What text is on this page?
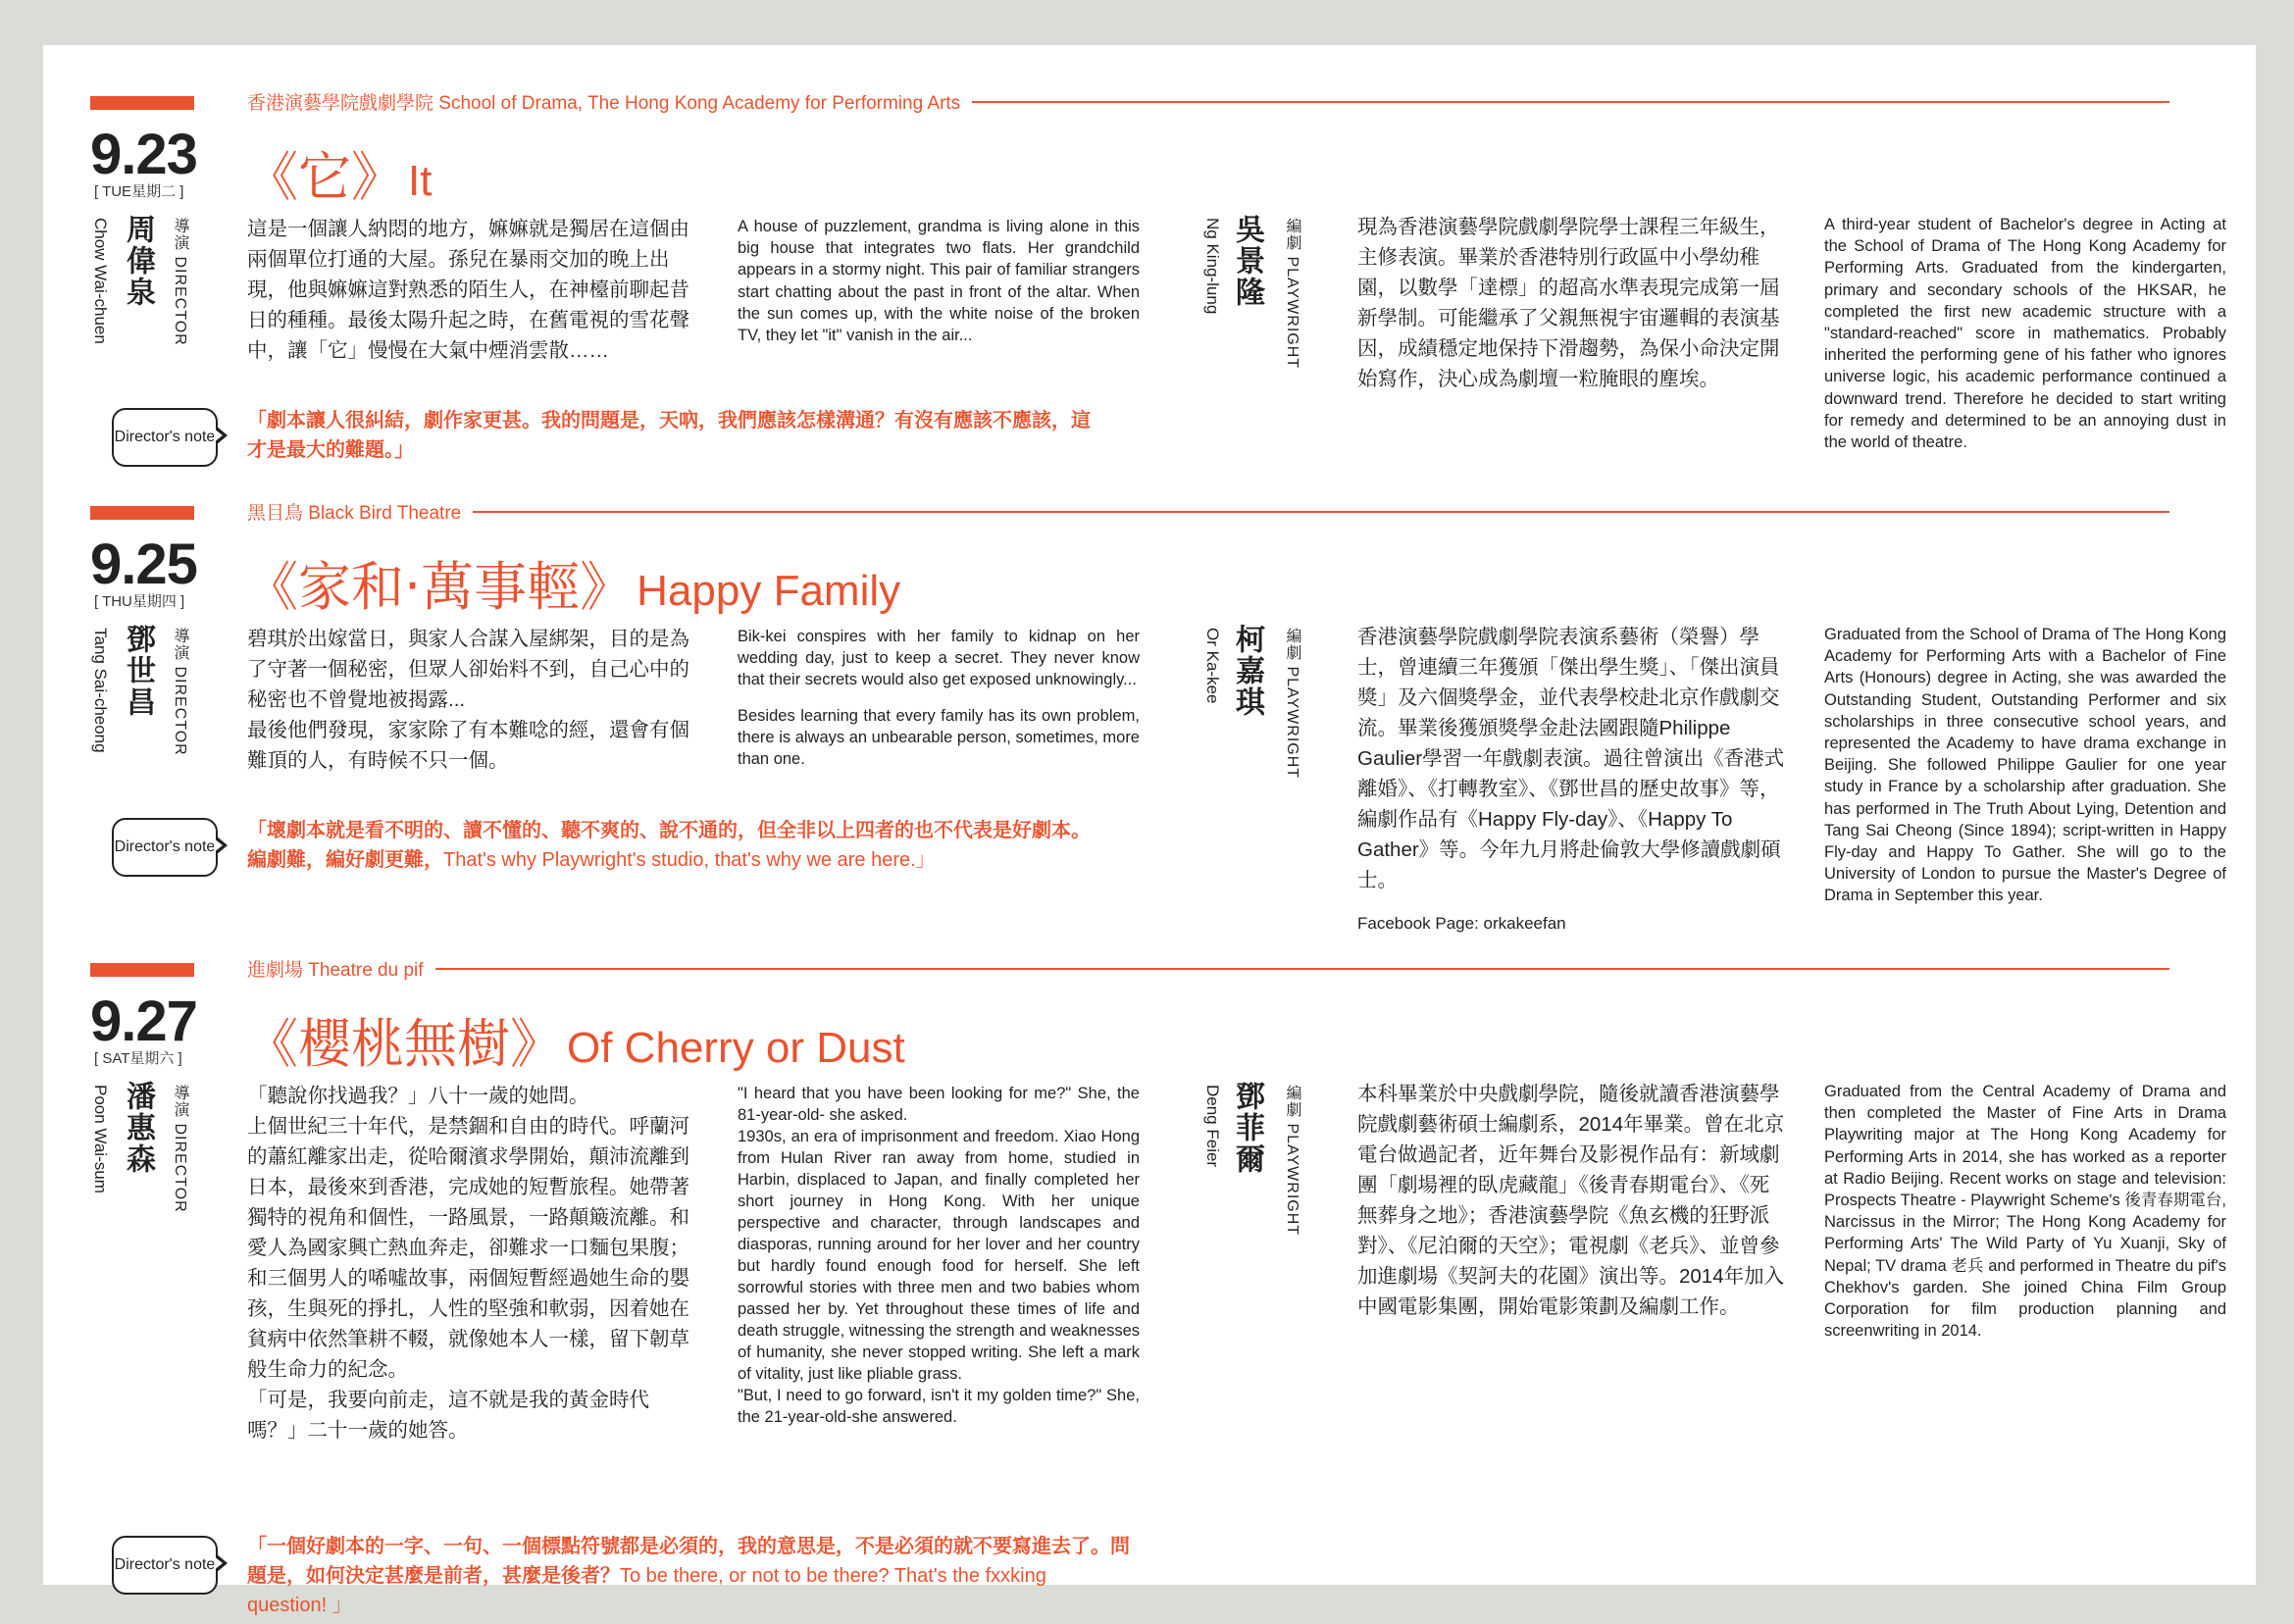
香港演藝學院戲劇學院 School of Drama, The Hong Kong Academy for Performing Arts
9.23
[ TUE星期二 ] 《它》It
Chow Wai-chuen 周偉泉	導演 DIRECTOR	這是一個讓人納悶的地方，嫲嫲就是獨居在這個由兩個單位打通的大屋。孫兒在暴雨交加的晚上出現，他與嫲嫲這對熟悉的陌生人，在神檯前聊起昔日的種種。最後太陽升起之時，在舊電視的雪花聲中，讓「它」慢慢在大氣中煙消雲散……

A house of puzzlement, grandma is living alone in this big house that integrates two flats. Her grandchild appears in a stormy night. This pair of familiar strangers start chatting about the past in front of the altar. When the sun comes up, with the white noise of the broken TV, they let "it" vanish in the air...

Director's note
「劇本讓人很糾結，劇作家更甚。我的問題是，天吶，我們應該怎樣溝通？有沒有應該不應該，這才是最大的難題。」
吳景隆
Ng King-lung	編劇 PLAYWRIGHT	現為香港演藝學院戲劇學院學士課程三年級生，主修表演。畢業於香港特別行政區中小學幼稚園，以數學「達標」的超高水準表現完成第一屆新學制。可能繼承了父親無視宇宙邏輯的表演基因，成績穩定地保持下滑趨勢，為保小命決定開始寫作，決心成為劇壇一粒腌眼的塵埃。
A third-year student of Bachelor's degree in Acting at the School of Drama of The Hong Kong Academy for Performing Arts. Graduated from the kindergarten, primary and secondary schools of the HKSAR, he completed the first new academic structure with a "standard-reached" score in mathematics. Probably inherited the performing gene of his father who ignores universe logic, his academic performance continued a downward trend. Therefore he decided to start writing for remedy and determined to be an annoying dust in the world of theatre.
黑目鳥 Black Bird Theatre
9.25
[ THU星期四 ] 《家和‧萬事輕》Happy Family
Tang Sai-cheong 鄧世昌	導演 DIRECTOR	碧琪於出嫁當日，與家人合謀入屋綁架，目的是為了守著一個秘密，但眾人卻始料不到，自己心中的秘密也不曾覺地被揭露...

最後他們發現，家家除了有本難唸的經，還會有個難頂的人，有時候不只一個。

Bik-kei conspires with her family to kidnap on her wedding day, just to keep a secret. They never know that their secrets would also get exposed unknowingly...

Besides learning that every family has its own problem, there is always an unbearable person, sometimes, more than one.

Director's note
「壞劇本就是看不明的、讀不懂的、聽不爽的、說不通的，但全非以上四者的也不代表是好劇本。編劇難，編好劇更難，That's why Playwright's studio, that's why we are here.」
柯嘉琪
Or Ka-kee	編劇 PLAYWRIGHT	香港演藝學院戲劇學院表演系藝術（榮譽）學士，曾連續三年獲頒「傑出學生獎」、「傑出演員獎」及六個獎學金，並代表學校赴北京作戲劇交流。畢業後獲頒獎學金赴法國跟隨Philippe Gaulier學習一年戲劇表演。過往曾演出《香港式離婚》、《打轉教室》、《鄧世昌的歷史故事》等，編劇作品有《Happy Fly-day》、《Happy To Gather》等。今年九月將赴倫敦大學修讀戲劇碩士。
Facebook Page: orkakeefan
Graduated from the School of Drama of The Hong Kong Academy for Performing Arts with a Bachelor of Fine Arts (Honours) degree in Acting, she was awarded the Outstanding Student, Outstanding Performer and six scholarships in three consecutive school years, and represented the Academy to have drama exchange in Beijing. She followed Philippe Gaulier for one year study in France by a scholarship after graduation. She has performed in The Truth About Lying, Detention and Tang Sai Cheong (Since 1894); script-written in Happy Fly-day and Happy To Gather. She will go to the University of London to pursue the Master's Degree of Drama in September this year.
進劇場 Theatre du pif
9.27
[ SAT星期六 ] 《櫻桃無樹》Of Cherry or Dust
Poon Wai-sum 潘惠森	導演 DIRECTOR	「聽說你找過我？」八十一歲的她問。

上個世紀三十年代，是禁錮和自由的時代。呼蘭河的蕭紅離家出走，從哈爾濱求學開始，顛沛流離到日本，最後來到香港，完成她的短暫旅程。她帶著獨特的視角和個性，一路風景，一路顛簸流離。和愛人為國家興亡熱血奔走，卻難求一口麵包果腹；和三個男人的唏噓故事，兩個短暫經過她生命的嬰孩，生與死的掙扎，人性的堅強和軟弱，因着她在貧病中依然筆耕不輟，就像她本人一樣，留下韌草般生命力的紀念。

「可是，我要向前走，這不就是我的黃金時代嗎？」二十一歲的她答。

"I heard that you have been looking for me?" She, the 81-year-old- she asked.

1930s, an era of imprisonment and freedom. Xiao Hong from Hulan River ran away from home, studied in Harbin, displaced to Japan, and finally completed her short journey in Hong Kong. With her unique perspective and character, through landscapes and diasporas, running around for her lover and her country but hardly found enough food for herself. She left sorrowful stories with three men and two babies whom passed her by. Yet throughout these times of life and death struggle, witnessing the strength and weaknesses of humanity, she never stopped writing. She left a mark of vitality, just like pliable grass.

"But, I need to go forward, isn't it my golden time?" She, the 21-year-old-she answered.

Director's note
「一個好劇本的一字、一句、一個標點符號都是必須的，我的意思是，不是必須的就不要寫進去了。問題是，如何決定甚麼是前者，甚麼是後者？To be there, or not to be there? That's the fxxking question! 」
鄧菲爾
Deng Feier	編劇 PLAYWRIGHT	本科畢業於中央戲劇學院，隨後就讀香港演藝學院戲劇藝術碩士編劇系，2014年畢業。曾在北京電台做過記者，近年舞台及影視作品有：新域劇團「劇場裡的臥虎藏龍」《後青春期電台》、《死無葬身之地》；香港演藝學院《魚玄機的狂野派對》、《尼泊爾的天空》；電視劇《老兵》、並曾參加進劇場《契訶夫的花園》演出等。2014年加入中國電影集團，開始電影策劃及編劇工作。
Graduated from the Central Academy of Drama and then completed the Master of Fine Arts in Drama Playwriting major at The Hong Kong Academy for Performing Arts in 2014, she has worked as a reporter at Radio Beijing. Recent works on stage and television: Prospects Theatre - Playwright Scheme's 後青春期電台, Narcissus in the Mirror; The Hong Kong Academy for Performing Arts' The Wild Party of Yu Xuanji, Sky of Nepal; TV drama 老兵 and performed in Theatre du pif's Chekhov's garden. She joined China Film Group Corporation for film production planning and screenwriting in 2014.
